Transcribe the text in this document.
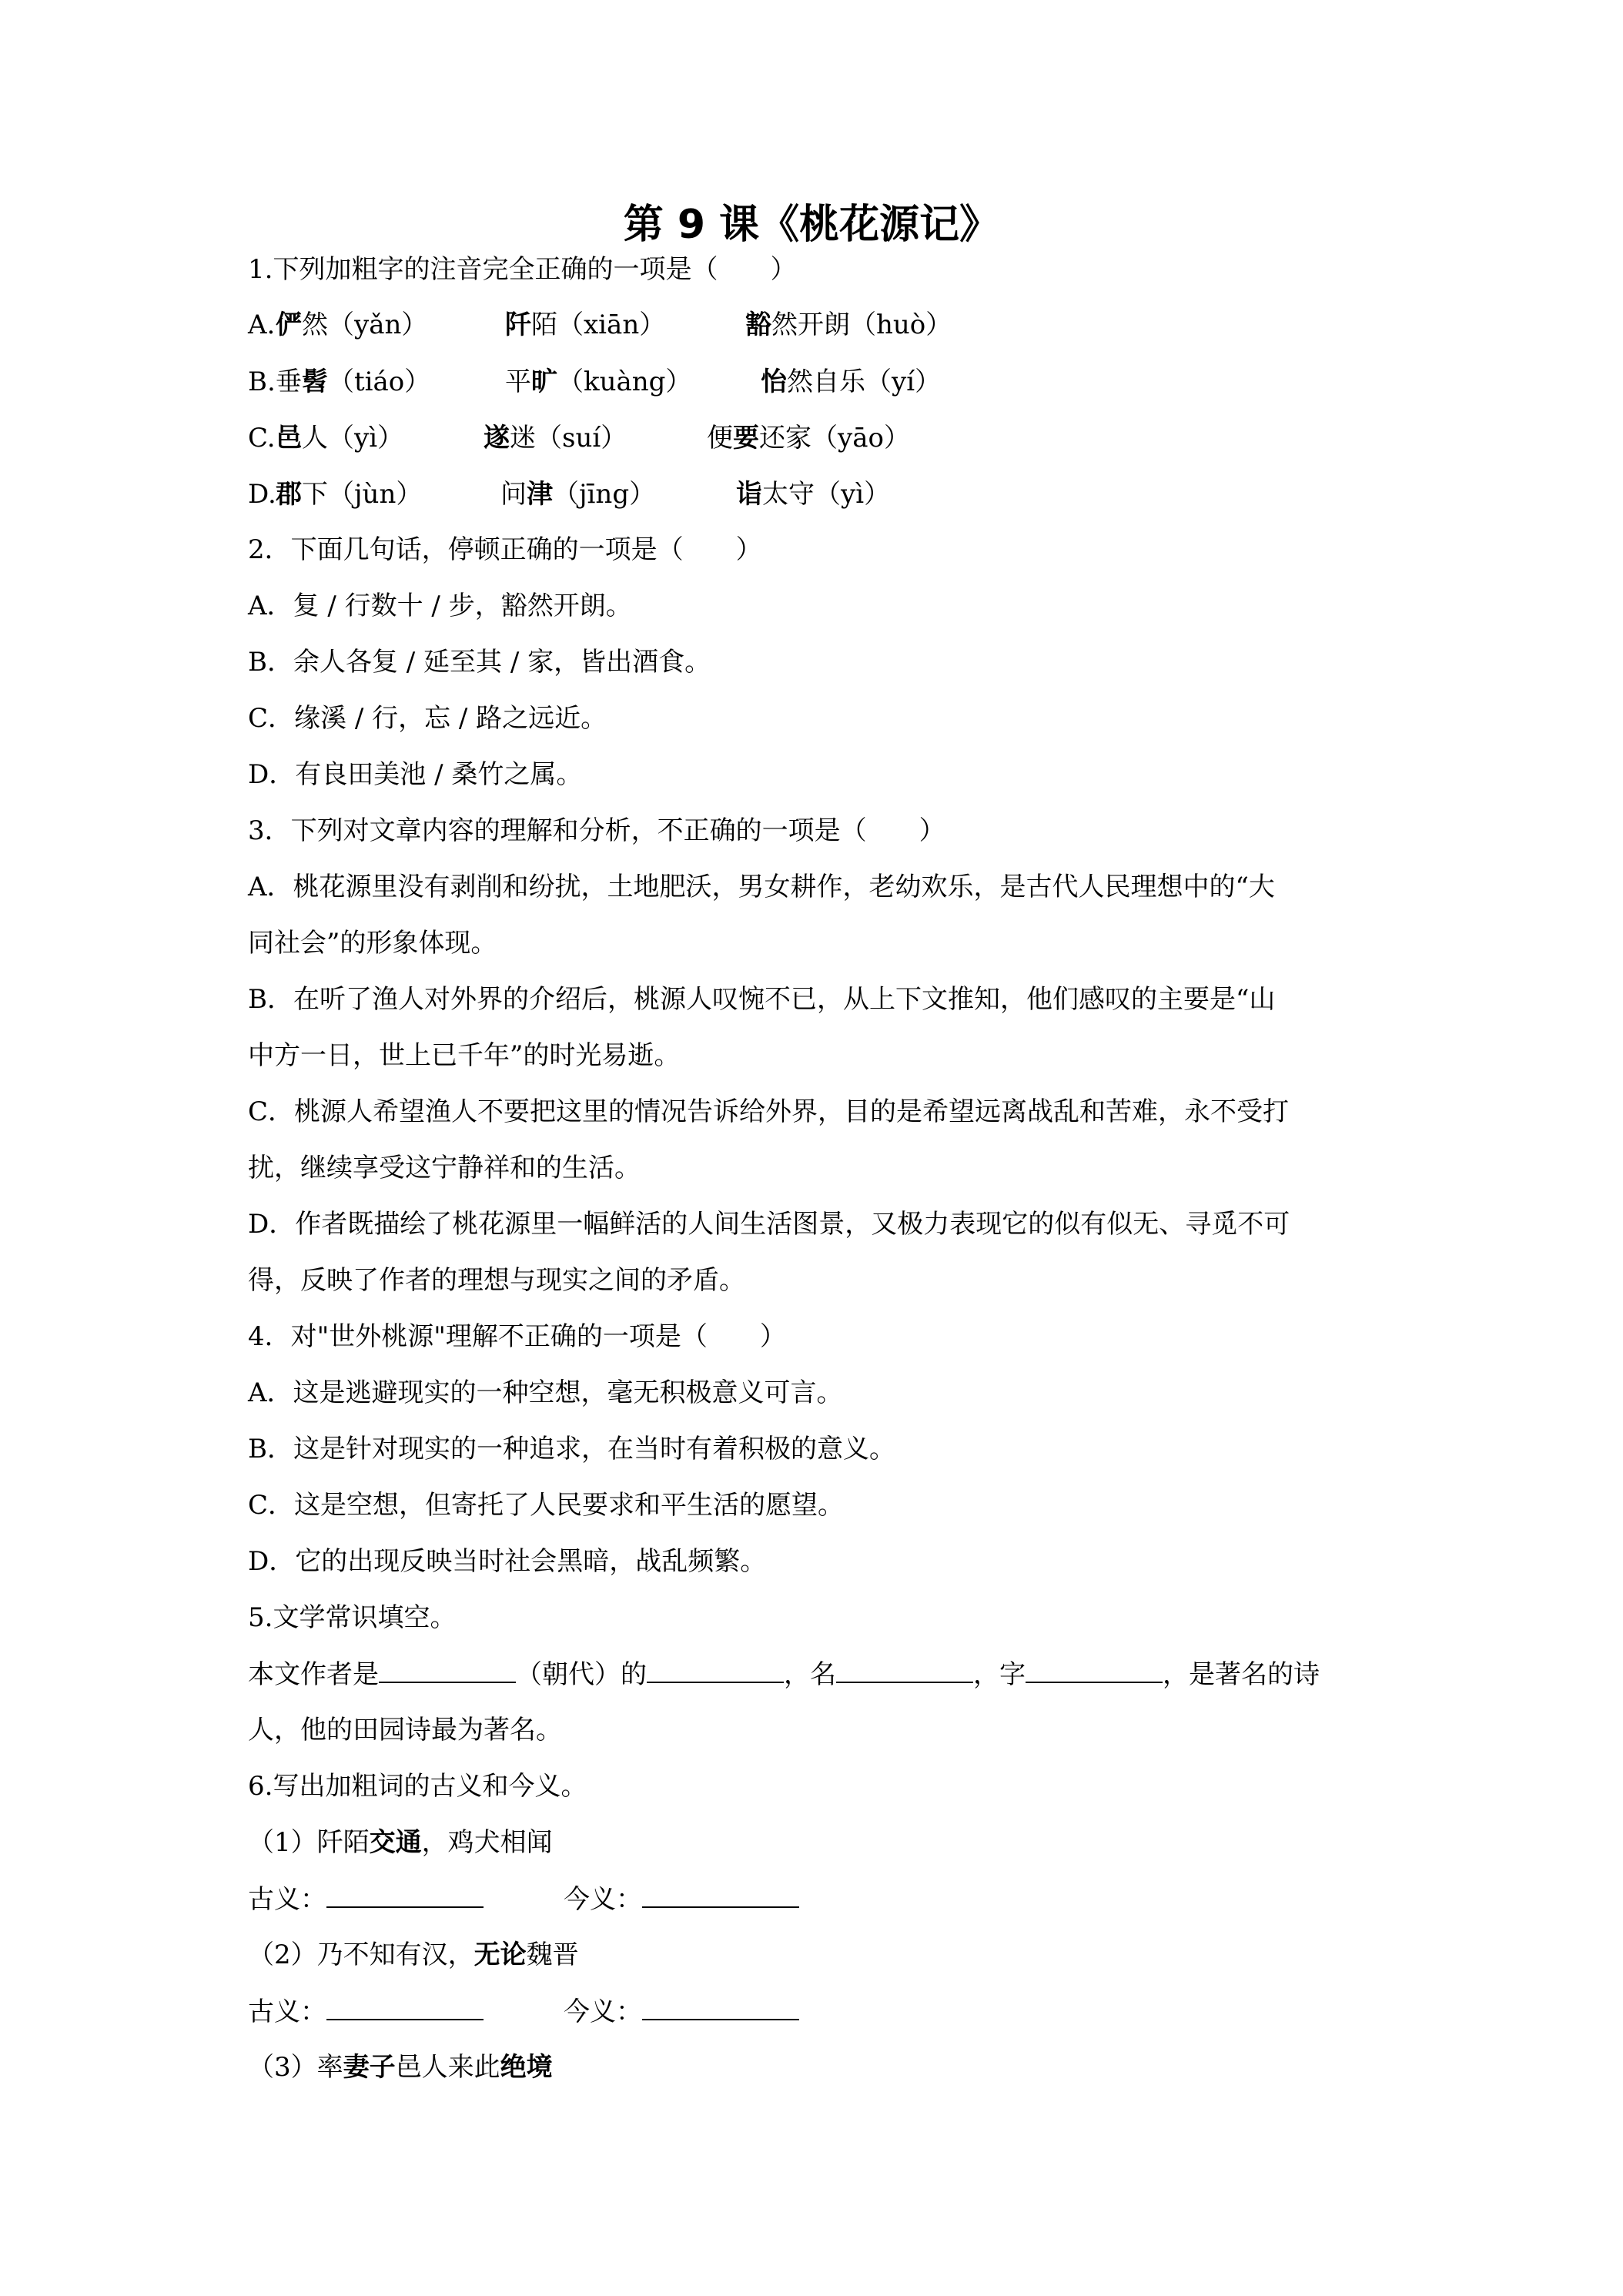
第 9 课《桃花源记》
1.下列加粗字的注音完全正确的一项是（　　）
A. 俨然（yǎn）	阡陌（xiān）	豁然开朗（huò）
B. 垂髫（tiáo）	平旷（kuàng）	怡然自乐（yí）
C. 邑人（yì）	遂迷（suí）	便要还家（yāo）
D. 郡下（jùn）	问津（jīng）	诣太守（yì）
2．下面几句话，停顿正确的一项是（　　）
A．复 / 行数十 / 步，豁然开朗。
B．余人各复 / 延至其 / 家，皆出酒食。
C．缘溪 / 行，忘 / 路之远近。
D．有良田美池 / 桑竹之属。
3．下列对文章内容的理解和分析，不正确的一项是（　　）
A．桃花源里没有剥削和纷扰，土地肥沃，男女耕作，老幼欢乐，是古代人民理想中的“大
同社会”的形象体现。
B．在听了渔人对外界的介绍后，桃源人叹惋不已，从上下文推知，他们感叹的主要是“山
中方一日，世上已千年”的时光易逝。
C．桃源人希望渔人不要把这里的情况告诉给外界，目的是希望远离战乱和苦难，永不受打
扰，继续享受这宁静祥和的生活。
D．作者既描绘了桃花源里一幅鲜活的人间生活图景，又极力表现它的似有似无、寻觅不可
得，反映了作者的理想与现实之间的矛盾。
4．对"世外桃源"理解不正确的一项是（　　）
A．这是逃避现实的一种空想，毫无积极意义可言。
B．这是针对现实的一种追求，在当时有着积极的意义。
C．这是空想，但寄托了人民要求和平生活的愿望。
D．它的出现反映当时社会黑暗，战乱频繁。
5.文学常识填空。
本文作者是	（朝代）的	，名	，字	，是著名的诗
人，他的田园诗最为著名。
6.写出加粗词的古义和今义。
（1）阡陌交通，鸡犬相闻
古义：	今义：
（2）乃不知有汉，无论魏晋
古义：	今义：
（3）率妻子邑人来此绝境
